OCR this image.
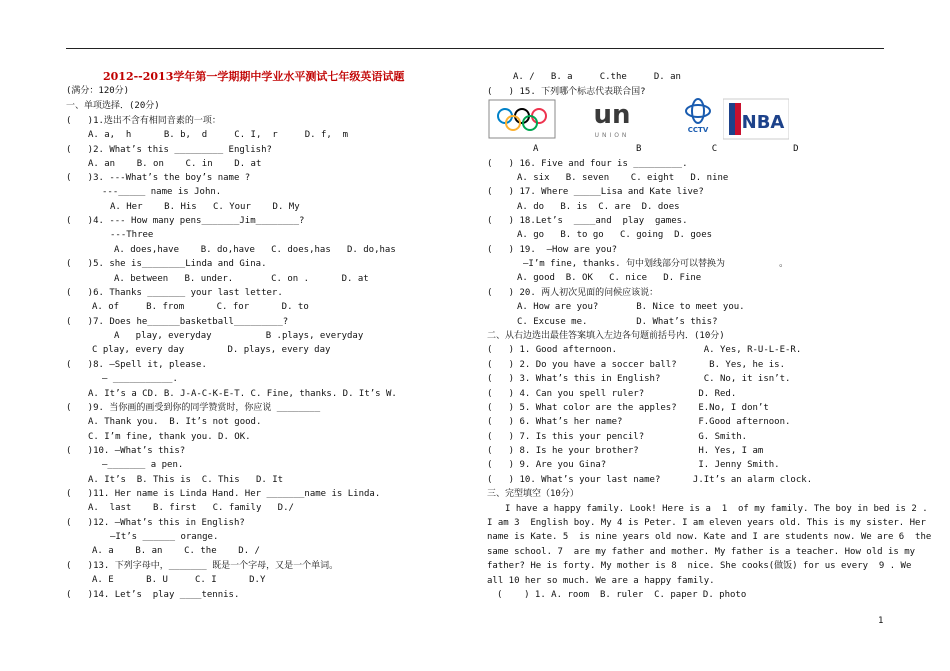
2012--2013学年第一学期期中学业水平测试七年级英语试题
(满分：120分)
一、单项选择．(20分)
(   )1.选出不含有相同音素的一项：
A. a,  h      B. b,  d     C. I,  r     D. f,  m
(   )2. What’s this _________ English?
A. an    B. on    C. in    D. at
(   )3. ---What’s the boy’s name ?
---_____ name is John.
A. Her    B. His   C. Your    D. My
(   )4. --- How many pens_______Jim________?
---Three
A. does,have    B. do,have   C. does,has   D. do,has
(   )5. she is________Linda and Gina.
A. between   B. under.       C. on .      D. at
(   )6. Thanks _______ your last letter.
A. of     B. from      C. for      D. to
(   )7. Does he______basketball_________?
A   play, everyday          B .plays, everyday
C play, every day        D. plays, every day
(   )8. —Spell it, please.
— ___________.
A. It’s a CD. B. J-A-C-K-E-T. C. Fine, thanks. D. It’s W.
(   )9. 当你画的画受到你的同学赞赏时，你应说 ________
A. Thank you.  B. It’s not good.
C. I’m fine, thank you. D. OK.
(   )10. —What’s this?
—_______ a pen.
A. It’s  B. This is  C. This   D. It
(   )11. Her name is Linda Hand. Her _______name is Linda.
A.  last    B. first   C. family   D./
(   )12. —What’s this in English?
—It’s ______ orange.
A. a    B. an    C. the    D. /
(   )13. 下列字母中，_______ 既是一个字母，又是一个单词。
A. E      B. U     C. I      D.Y
(   )14. Let’s  play ____tennis.
A. /   B. a     C.the     D. an
(   ) 15. 下列哪个标志代表联合国?
A                  B             C              D
(   ) 16. Five and four is _________.
A. six   B. seven    C. eight   D. nine
(   ) 17. Where _____Lisa and Kate live?
A. do   B. is  C. are  D. does
(   ) 18.Let’s  ____and  play  games.
A. go   B. to go   C. going  D. goes
(   ) 19.  —How are you?
—I’m fine, thanks. 句中划线部分可以替换为          。
A. good  B. OK   C. nice   D. Fine
(   ) 20. 两人初次见面的问候应该说：
A. How are you?       B. Nice to meet you.
C. Excuse me.         D. What’s this?
二、从右边选出最佳答案填入左边各句题前括号内．(10分)
(   ) 1. Good afternoon.                A. Yes, R-U-L-E-R.
(   ) 2. Do you have a soccer ball?      B. Yes, he is.
(   ) 3. What’s this in English?        C. No, it isn’t.
(   ) 4. Can you spell ruler?          D. Red.
(   ) 5. What color are the apples?    E.No, I don’t
(   ) 6. What’s her name?              F.Good afternoon.
(   ) 7. Is this your pencil?          G. Smith.
(   ) 8. Is he your brother?           H. Yes, I am
(   ) 9. Are you Gina?                 I. Jenny Smith.
(   ) 10. What’s your last name?      J.It’s an alarm clock.
三、完型填空（10分）
I have a happy family. Look! Here is a  1  of my family. The boy in bed is 2 .
I am 3  English boy. My 4 is Peter. I am eleven years old. This is my sister. Her
name is Kate. 5  is nine years old now. Kate and I are students now. We are 6  the
same school. 7  are my father and mother. My father is a teacher. How old is my
father? He is forty. My mother is 8  nice. She cooks(做饭) for us every  9 . We
all 10 her so much. We are a happy family.
(    ) 1. A. room  B. ruler  C. paper D. photo
un
UNION
CCTV NBA
1
